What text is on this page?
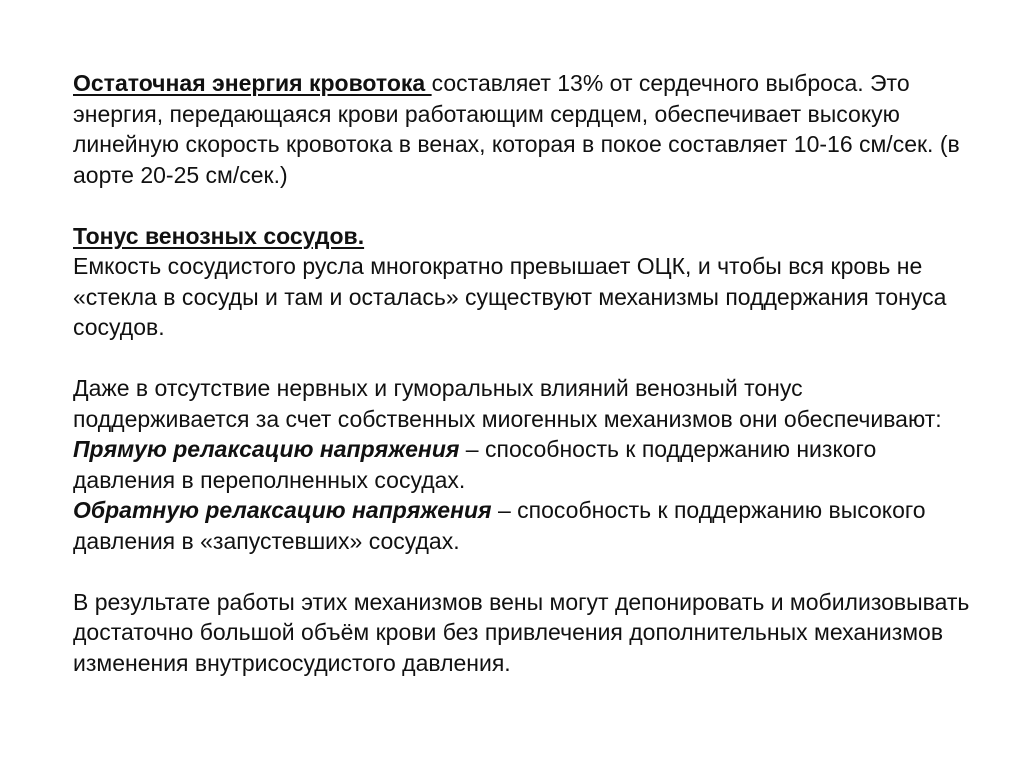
Остаточная энергия кровотока составляет 13% от сердечного выброса. Это энергия, передающаяся крови работающим сердцем, обеспечивает высокую линейную скорость кровотока в венах, которая в покое составляет 10-16 см/сек. (в аорте 20-25 см/сек.)

Тонус венозных сосудов.

Емкость сосудистого русла многократно превышает ОЦК, и чтобы вся кровь не «стекла в сосуды и там и осталась» существуют механизмы поддержания тонуса сосудов.

Даже в отсутствие нервных и гуморальных влияний венозный тонус поддерживается за счет собственных миогенных механизмов они обеспечивают:

Прямую релаксацию напряжения – способность к поддержанию низкого давления в переполненных сосудах.

Обратную релаксацию напряжения – способность к поддержанию высокого давления в «запустевших» сосудах.

В результате работы этих механизмов вены могут депонировать и мобилизовывать достаточно большой объём крови без привлечения дополнительных механизмов изменения внутрисосудистого давления.
